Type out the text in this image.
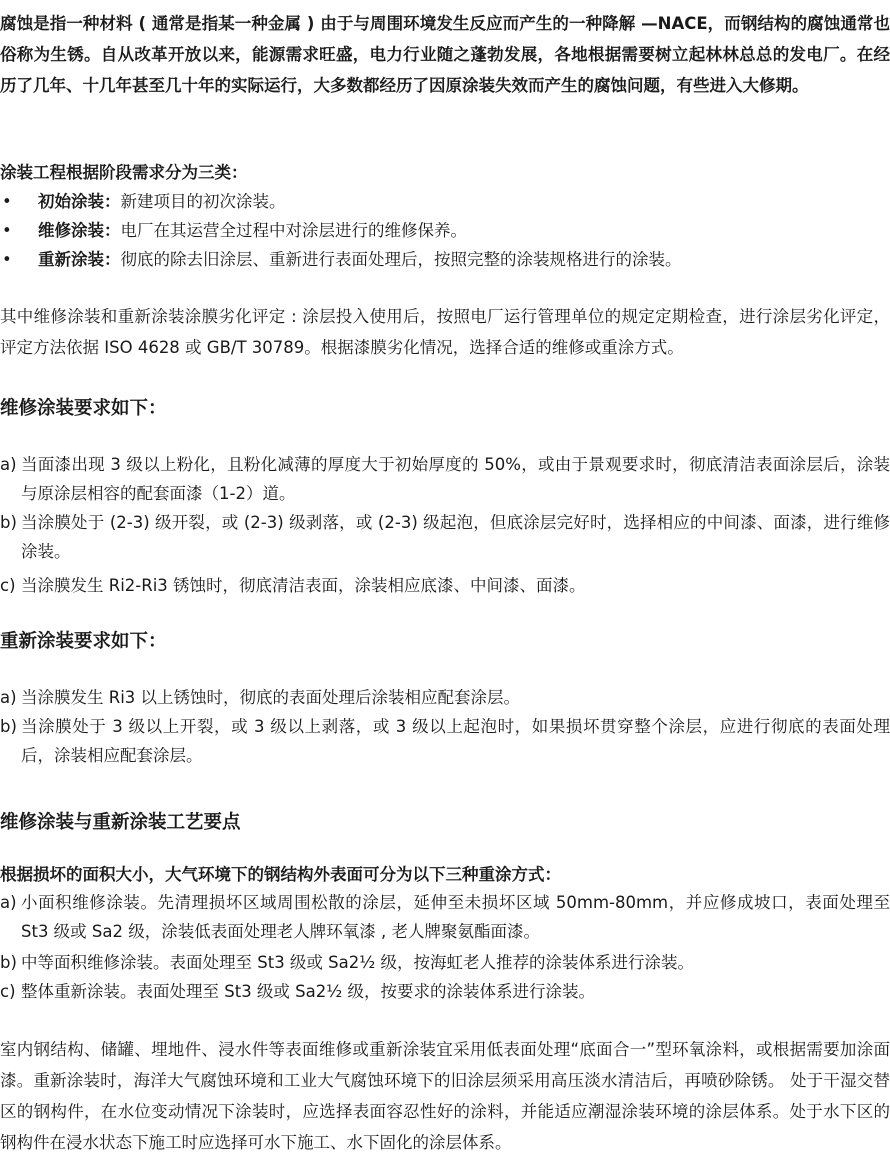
腐蚀是指一种材料 ( 通常是指某一种金属 ) 由于与周围环境发生反应而产生的一种降解 —NACE，而钢结构的腐蚀通常也俗称为生锈。自从改革开放以来，能源需求旺盛，电力行业随之蓬勃发展，各地根据需要树立起林林总总的发电厂。在经历了几年、十几年甚至几十年的实际运行，大多数都经历了因原涂装失效而产生的腐蚀问题，有些进入大修期。

涂装工程根据阶段需求分为三类：
• 初始涂装：新建项目的初次涂装。
• 维修涂装：电厂在其运营全过程中对涂层进行的维修保养。
• 重新涂装：彻底的除去旧涂层、重新进行表面处理后，按照完整的涂装规格进行的涂装。

其中维修涂装和重新涂装涂膜劣化评定 : 涂层投入使用后，按照电厂运行管理单位的规定定期检查，进行涂层劣化评定，评定方法依据 ISO 4628 或 GB/T 30789。根据漆膜劣化情况，选择合适的维修或重涂方式。

维修涂装要求如下：
a) 当面漆出现 3 级以上粉化，且粉化减薄的厚度大于初始厚度的 50%，或由于景观要求时，彻底清洁表面涂层后，涂装与原涂层相容的配套面漆（1-2）道。
b) 当涂膜处于 (2-3) 级开裂，或 (2-3) 级剥落，或 (2-3) 级起泡，但底涂层完好时，选择相应的中间漆、面漆，进行维修涂装。
c) 当涂膜发生 Ri2-Ri3 锈蚀时，彻底清洁表面，涂装相应底漆、中间漆、面漆。
重新涂装要求如下：
a) 当涂膜发生 Ri3 以上锈蚀时，彻底的表面处理后涂装相应配套涂层。
b) 当涂膜处于 3 级以上开裂，或 3 级以上剥落，或 3 级以上起泡时，如果损坏贯穿整个涂层，应进行彻底的表面处理后，涂装相应配套涂层。
维修涂装与重新涂装工艺要点
根据损坏的面积大小，大气环境下的钢结构外表面可分为以下三种重涂方式：
a) 小面积维修涂装。先清理损坏区域周围松散的涂层，延伸至未损坏区域 50mm-80mm，并应修成坡口，表面处理至 St3 级或 Sa2 级，涂装低表面处理老人牌环氧漆 , 老人牌聚氨酯面漆。
b) 中等面积维修涂装。表面处理至 St3 级或 Sa2½ 级，按海虹老人推荐的涂装体系进行涂装。
c) 整体重新涂装。表面处理至 St3 级或 Sa2½ 级，按要求的涂装体系进行涂装。

室内钢结构、储罐、埋地件、浸水件等表面维修或重新涂装宜采用低表面处理“底面合一”型环氧涂料，或根据需要加涂面漆。重新涂装时，海洋大气腐蚀环境和工业大气腐蚀环境下的旧涂层须采用高压淡水清洁后，再喷砂除锈。 处于干湿交替区的钢构件，在水位变动情况下涂装时，应选择表面容忍性好的涂料，并能适应潮湿涂装环境的涂层体系。处于水下区的钢构件在浸水状态下施工时应选择可水下施工、水下固化的涂层体系。
